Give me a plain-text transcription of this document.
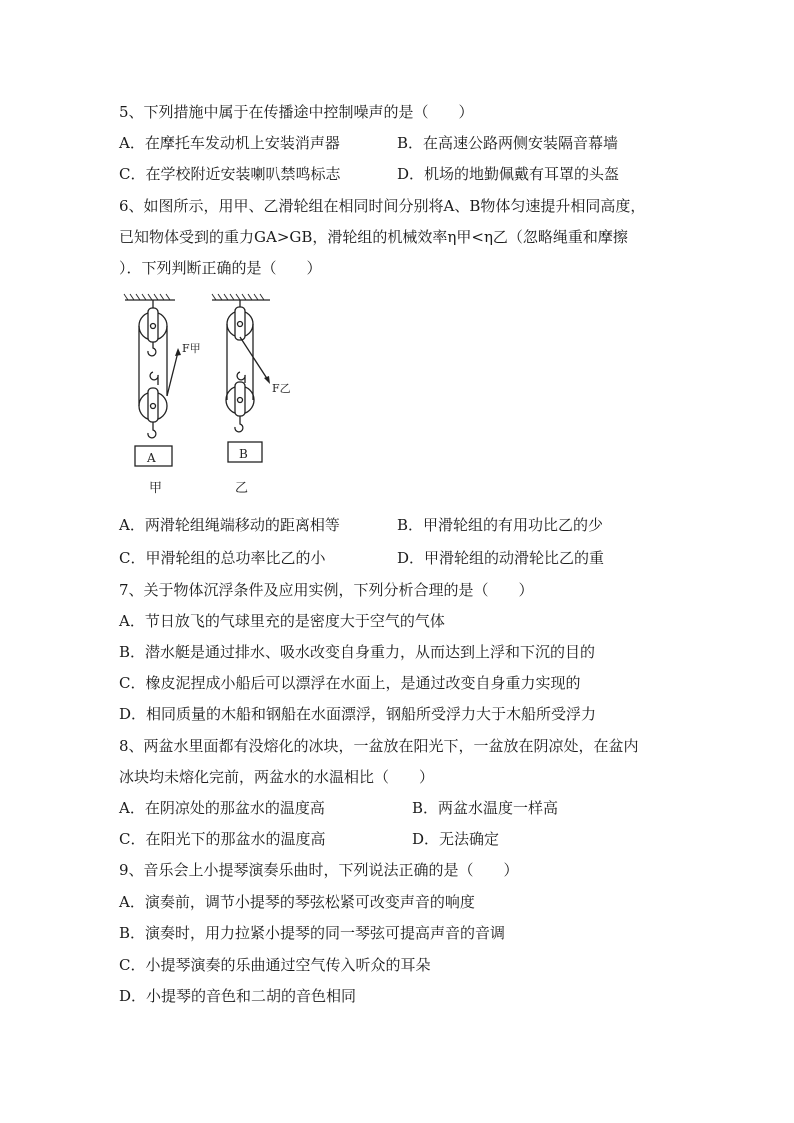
5、下列措施中属于在传播途中控制噪声的是（　　）
A．在摩托车发动机上安装消声器	B．在高速公路两侧安装隔音幕墙
C．在学校附近安装喇叭禁鸣标志	D．机场的地勤佩戴有耳罩的头盔
6、如图所示，用甲、乙滑轮组在相同时间分别将A、B物体匀速提升相同高度，
已知物体受到的重力GA>GB，滑轮组的机械效率η甲<η乙（忽略绳重和摩擦
）．下列判断正确的是（　　）
A	B
F甲
F乙
甲	乙
A．两滑轮组绳端移动的距离相等	B．甲滑轮组的有用功比乙的少
C．甲滑轮组的总功率比乙的小	D．甲滑轮组的动滑轮比乙的重
7、关于物体沉浮条件及应用实例，下列分析合理的是（　　）
A．节日放飞的气球里充的是密度大于空气的气体
B．潜水艇是通过排水、吸水改变自身重力，从而达到上浮和下沉的目的
C．橡皮泥捏成小船后可以漂浮在水面上，是通过改变自身重力实现的
D．相同质量的木船和钢船在水面漂浮，钢船所受浮力大于木船所受浮力
8、两盆水里面都有没熔化的冰块，一盆放在阳光下，一盆放在阴凉处，在盆内
冰块均未熔化完前，两盆水的水温相比（　　）
A．在阴凉处的那盆水的温度高	B．两盆水温度一样高
C．在阳光下的那盆水的温度高	D．无法确定
9、音乐会上小提琴演奏乐曲时，下列说法正确的是（　　）
A．演奏前，调节小提琴的琴弦松紧可改变声音的响度
B．演奏时，用力拉紧小提琴的同一琴弦可提高声音的音调
C．小提琴演奏的乐曲通过空气传入听众的耳朵
D．小提琴的音色和二胡的音色相同
